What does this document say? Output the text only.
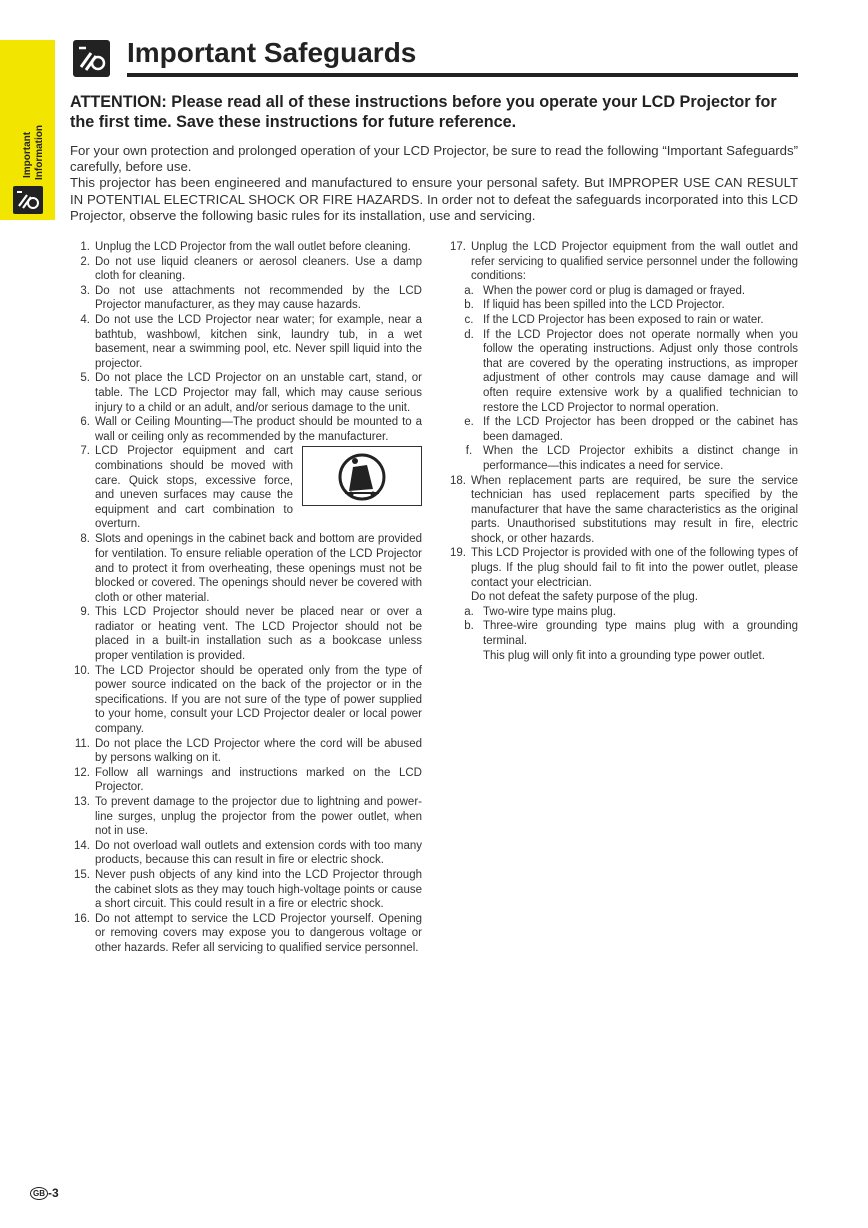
Important Information
Important Safeguards
ATTENTION: Please read all of these instructions before you operate your LCD Projector for the first time. Save these instructions for future reference.

For your own protection and prolonged operation of your LCD Projector, be sure to read the following “Important Safeguards” carefully, before use.

This projector has been engineered and manufactured to ensure your personal safety. But IMPROPER USE CAN RESULT IN POTENTIAL ELECTRICAL SHOCK OR FIRE HAZARDS. In order not to defeat the safeguards incorporated into this LCD Projector, observe the following basic rules for its installation, use and servicing.

1. Unplug the LCD Projector from the wall outlet before cleaning.
2. Do not use liquid cleaners or aerosol cleaners. Use a damp cloth for cleaning.
3. Do not use attachments not recommended by the LCD Projector manufacturer, as they may cause hazards.
4. Do not use the LCD Projector near water; for example, near a bathtub, washbowl, kitchen sink, laundry tub, in a wet basement, near a swimming pool, etc. Never spill liquid into the projector.
5. Do not place the LCD Projector on an unstable cart, stand, or table. The LCD Projector may fall, which may cause serious injury to a child or an adult, and/or serious damage to the unit.
6. Wall or Ceiling Mounting—The product should be mounted to a wall or ceiling only as recommended by the manufacturer.
7. LCD Projector equipment and cart combinations should be moved with care. Quick stops, excessive force, and uneven surfaces may cause the equipment and cart combination to overturn.
8. Slots and openings in the cabinet back and bottom are provided for ventilation. To ensure reliable operation of the LCD Projector and to protect it from overheating, these openings must not be blocked or covered. The openings should never be covered with cloth or other material.
9. This LCD Projector should never be placed near or over a radiator or heating vent. The LCD Projector should not be placed in a built-in installation such as a bookcase unless proper ventilation is provided.
10. The LCD Projector should be operated only from the type of power source indicated on the back of the projector or in the specifications. If you are not sure of the type of power supplied to your home, consult your LCD Projector dealer or local power company.
11. Do not place the LCD Projector where the cord will be abused by persons walking on it.
12. Follow all warnings and instructions marked on the LCD Projector.
13. To prevent damage to the projector due to lightning and power-line surges, unplug the projector from the power outlet, when not in use.
14. Do not overload wall outlets and extension cords with too many products, because this can result in fire or electric shock.
15. Never push objects of any kind into the LCD Projector through the cabinet slots as they may touch high-voltage points or cause a short circuit. This could result in a fire or electric shock.
16. Do not attempt to service the LCD Projector yourself. Opening or removing covers may expose you to dangerous voltage or other hazards. Refer all servicing to qualified service personnel.
17. Unplug the LCD Projector equipment from the wall outlet and refer servicing to qualified service personnel under the following conditions:
a. When the power cord or plug is damaged or frayed.
b. If liquid has been spilled into the LCD Projector.
c. If the LCD Projector has been exposed to rain or water.
d. If the LCD Projector does not operate normally when you follow the operating instructions. Adjust only those controls that are covered by the operating instructions, as improper adjustment of other controls may cause damage and will often require extensive work by a qualified technician to restore the LCD Projector to normal operation.
e. If the LCD Projector has been dropped or the cabinet has been damaged.
f. When the LCD Projector exhibits a distinct change in performance—this indicates a need for service.
18. When replacement parts are required, be sure the service technician has used replacement parts specified by the manufacturer that have the same characteristics as the original parts. Unauthorised substitutions may result in fire, electric shock, or other hazards.
19. This LCD Projector is provided with one of the following types of plugs. If the plug should fail to fit into the power outlet, please contact your electrician.
Do not defeat the safety purpose of the plug.
a. Two-wire type mains plug.
b. Three-wire grounding type mains plug with a grounding terminal.
This plug will only fit into a grounding type power outlet.
GB -3
